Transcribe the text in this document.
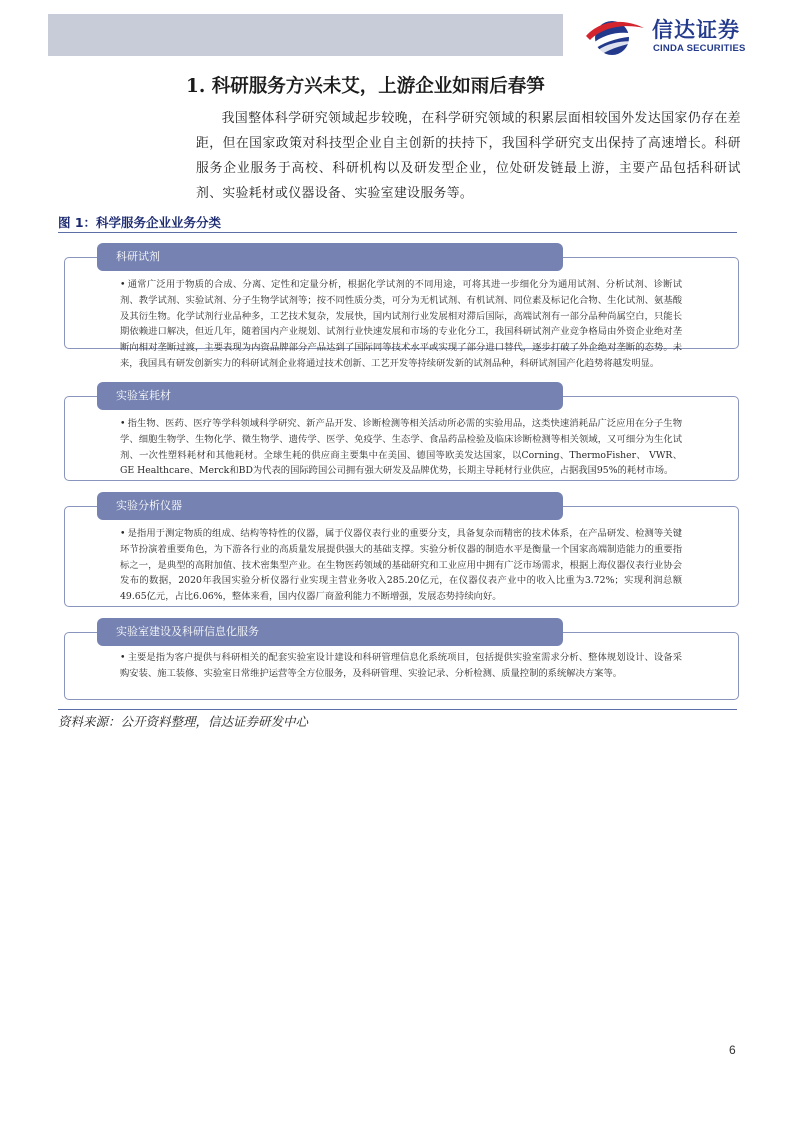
信达证券
CINDA SECURITIES
1. 科研服务方兴未艾，上游企业如雨后春笋

我国整体科学研究领域起步较晚，在科学研究领域的积累层面相较国外发达国家仍存在差距，但在国家政策对科技型企业自主创新的扶持下，我国科学研究支出保持了高速增长。科研服务企业服务于高校、科研机构以及研发型企业，位处研发链最上游，主要产品包括科研试剂、实验耗材或仪器设备、实验室建设服务等。

图 1：科学服务企业业务分类
科研试剂

• 通常广泛用于物质的合成、分离、定性和定量分析，根据化学试剂的不同用途，可将其进一步细化分为通用试剂、分析试剂、诊断试剂、教学试剂、实验试剂、分子生物学试剂等；按不同性质分类，可分为无机试剂、有机试剂、同位素及标记化合物、生化试剂、氨基酸及其衍生物。化学试剂行业品种多，工艺技术复杂，发展快，国内试剂行业发展相对滞后国际，高端试剂有一部分品种尚属空白，只能长期依赖进口解决，但近几年，随着国内产业规划、试剂行业快速发展和市场的专业化分工，我国科研试剂产业竞争格局由外资企业绝对垄断向相对垄断过渡，主要表现为内资品牌部分产品达到了国际同等技术水平或实现了部分进口替代，逐步打破了外企绝对垄断的态势。未来，我国具有研发创新实力的科研试剂企业将通过技术创新、工艺开发等持续研发新的试剂品种，科研试剂国产化趋势将越发明显。

实验室耗材

• 指生物、医药、医疗等学科领域科学研究、新产品开发、诊断检测等相关活动所必需的实验用品，这类快速消耗品广泛应用在分子生物学、细胞生物学、生物化学、微生物学、遗传学、医学、免疫学、生态学、食品药品检验及临床诊断检测等相关领域，又可细分为生化试剂、一次性塑料耗材和其他耗材。全球生耗的供应商主要集中在美国、德国等欧美发达国家，以Corning、ThermoFisher、 VWR、GE Healthcare、Merck和BD为代表的国际跨国公司拥有强大研发及品牌优势，长期主导耗材行业供应，占据我国95%的耗材市场。

实验分析仪器

• 是指用于测定物质的组成、结构等特性的仪器，属于仪器仪表行业的重要分支，具备复杂而精密的技术体系，在产品研发、检测等关键环节扮演着重要角色，为下游各行业的高质量发展提供强大的基础支撑。实验分析仪器的制造水平是衡量一个国家高端制造能力的重要指标之一，是典型的高附加值、技术密集型产业。在生物医药领域的基础研究和工业应用中拥有广泛市场需求，根据上海仪器仪表行业协会发布的数据，2020年我国实验分析仪器行业实现主营业务收入285.20亿元，在仪器仪表产业中的收入比重为3.72%；实现利润总额49.65亿元，占比6.06%，整体来看，国内仪器厂商盈利能力不断增强，发展态势持续向好。

实验室建设及科研信息化服务

• 主要是指为客户提供与科研相关的配套实验室设计建设和科研管理信息化系统项目，包括提供实验室需求分析、整体规划设计、设备采购安装、施工装修、实验室日常维护运营等全方位服务，及科研管理、实验记录、分析检测、质量控制的系统解决方案等。

资料来源：公开资料整理，信达证券研发中心
6
